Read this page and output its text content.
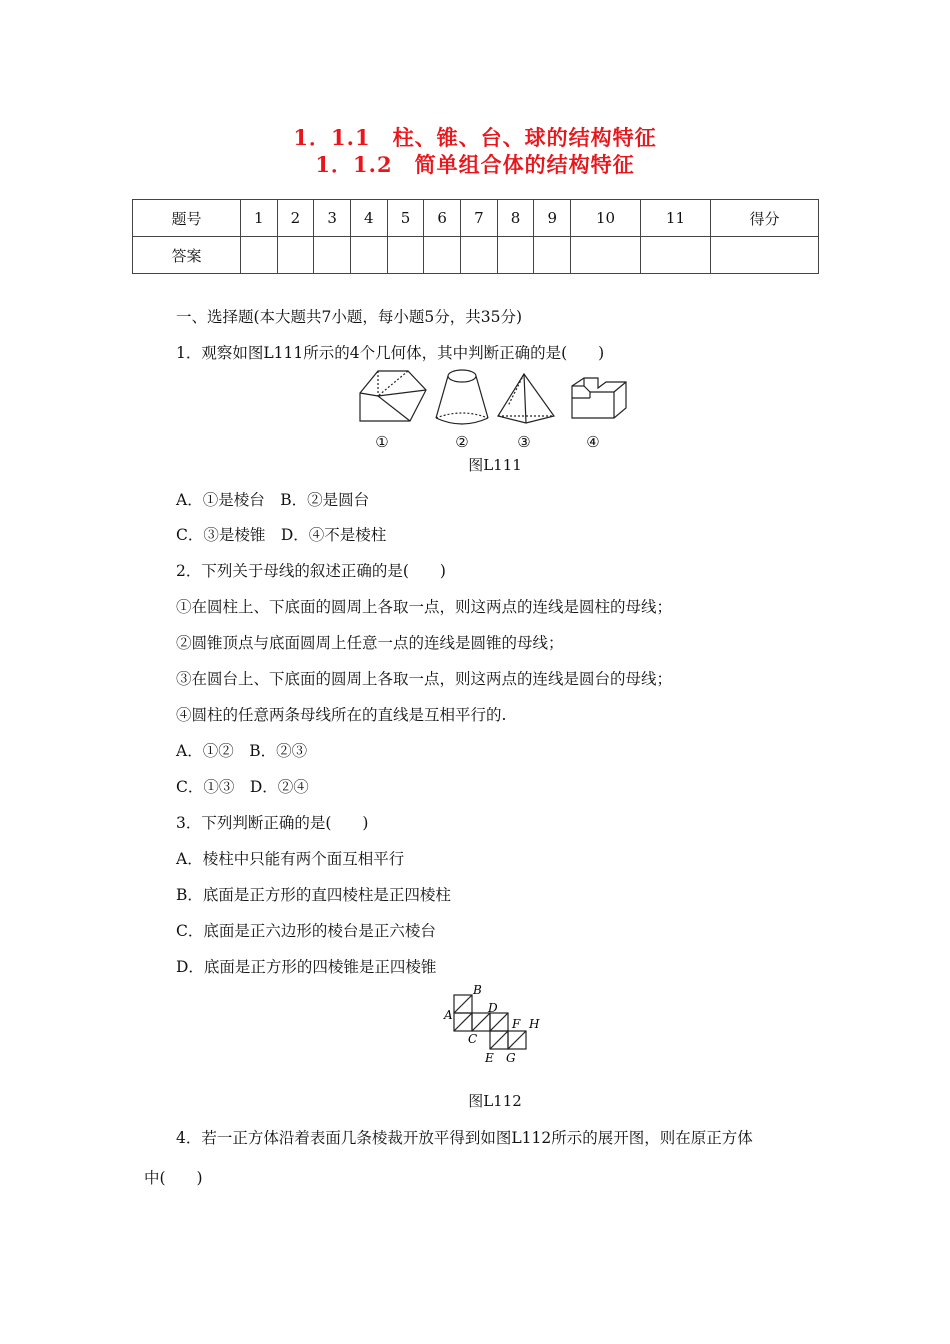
1．1.1　柱、锥、台、球的结构特征
1．1.2　简单组合体的结构特征
题号	1	2	3	4	5	6	7	8	9	10	11	得分
答案												
一、选择题(本大题共7小题，每小题5分，共35分)
1．观察如图L111所示的4个几何体，其中判断正确的是(　　)
①	②	③	④
图L111
A．①是棱台　B．②是圆台
C．③是棱锥　D．④不是棱柱
2．下列关于母线的叙述正确的是(　　)
①在圆柱上、下底面的圆周上各取一点，则这两点的连线是圆柱的母线；
②圆锥顶点与底面圆周上任意一点的连线是圆锥的母线；
③在圆台上、下底面的圆周上各取一点，则这两点的连线是圆台的母线；
④圆柱的任意两条母线所在的直线是互相平行的.
A．①②　B．②③
C．①③　D．②④
3．下列判断正确的是(　　)
A．棱柱中只能有两个面互相平行
B．底面是正方形的直四棱柱是正四棱柱
C．底面是正六边形的棱台是正六棱台
D．底面是正方形的四棱锥是正四棱锥
A
B
C
D
E
F
G
H
图L112
4．若一正方体沿着表面几条棱裁开放平得到如图L112所示的展开图，则在原正方体
中(　　)
